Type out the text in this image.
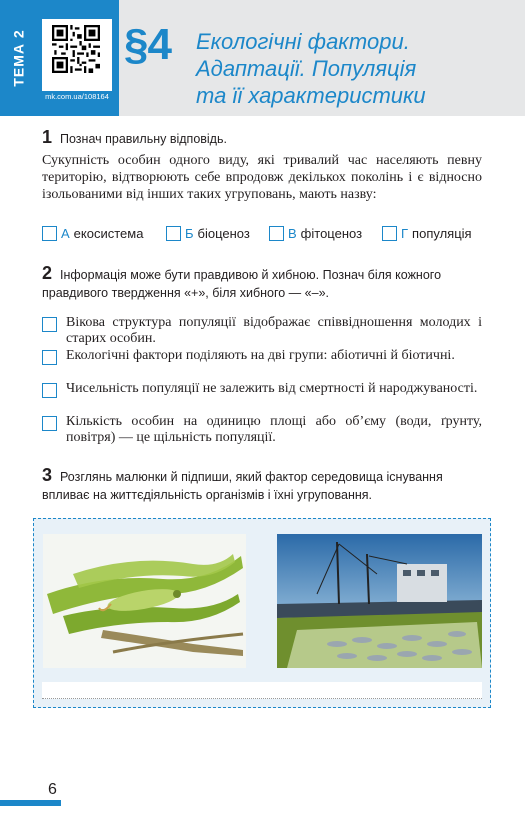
ТЕМА 2
mk.com.ua/108164
§4 Екологічні фактори.
Адаптації. Популяція
та її характеристики
1 Познач правильну відповідь.
Сукупність особин одного виду, які тривалий час населяють певну територію, відтворюють себе впродовж декількох поколінь і є відносно ізольованими від інших таких угруповань, мають назву:
А екосистема	Б біоценоз	В фітоценоз	Г популяція
2 Інформація може бути правдивою й хибною. Познач біля кожного правдивого твердження «+», біля хибного — «–».
Вікова структура популяції відображає співвідношення молодих і старих особин.
Екологічні фактори поділяють на дві групи: абіотичні й біотичні.
Чисельність популяції не залежить від смертності й народжуваності.
Кількість особин на одиницю площі або об’єму (води, ґрунту, повітря) — це щільність популяції.
3 Розглянь малюнки й підпиши, який фактор середовища існування впливає на життєдіяльність організмів і їхні угруповання.
6
